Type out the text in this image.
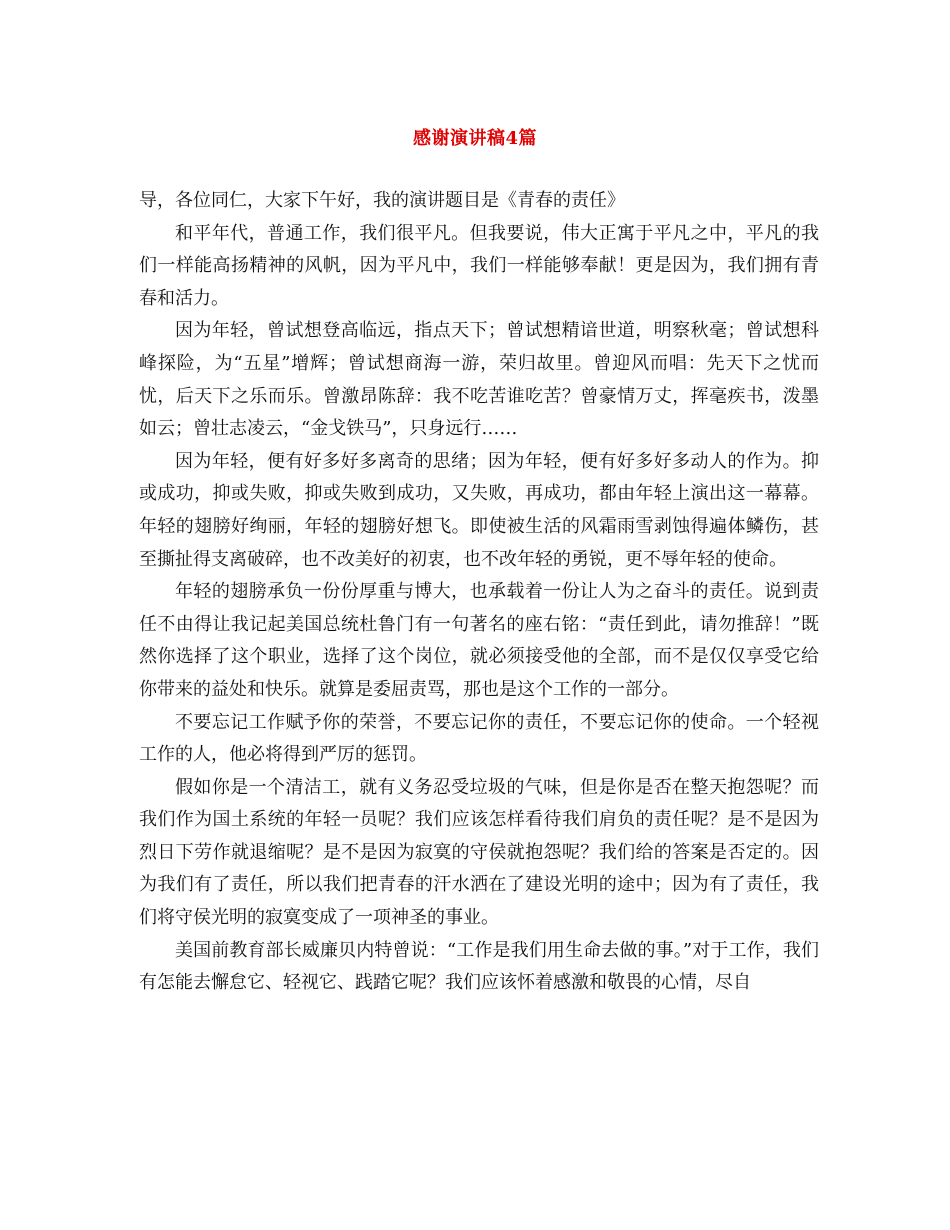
感谢演讲稿4篇

导，各位同仁，大家下午好，我的演讲题目是《青春的责任》

和平年代，普通工作，我们很平凡。但我要说，伟大正寓于平凡之中，平凡的我们一样能高扬精神的风帆，因为平凡中，我们一样能够奉献！更是因为，我们拥有青春和活力。

因为年轻，曾试想登高临远，指点天下；曾试想精谙世道，明察秋毫；曾试想科峰探险，为“五星”增辉；曾试想商海一游，荣归故里。曾迎风而唱：先天下之忧而忧，后天下之乐而乐。曾激昂陈辞：我不吃苦谁吃苦？曾豪情万丈，挥毫疾书，泼墨如云；曾壮志凌云，“金戈铁马”，只身远行……

因为年轻，便有好多好多离奇的思绪；因为年轻，便有好多好多动人的作为。抑或成功，抑或失败，抑或失败到成功，又失败，再成功，都由年轻上演出这一幕幕。年轻的翅膀好绚丽，年轻的翅膀好想飞。即使被生活的风霜雨雪剥蚀得遍体鳞伤，甚至撕扯得支离破碎，也不改美好的初衷，也不改年轻的勇锐，更不辱年轻的使命。

年轻的翅膀承负一份份厚重与博大，也承载着一份让人为之奋斗的责任。说到责任不由得让我记起美国总统杜鲁门有一句著名的座右铭：“责任到此，请勿推辞！”既然你选择了这个职业，选择了这个岗位，就必须接受他的全部，而不是仅仅享受它给你带来的益处和快乐。就算是委屈责骂，那也是这个工作的一部分。

不要忘记工作赋予你的荣誉，不要忘记你的责任，不要忘记你的使命。一个轻视工作的人，他必将得到严厉的惩罚。

假如你是一个清洁工，就有义务忍受垃圾的气味，但是你是否在整天抱怨呢？而我们作为国土系统的年轻一员呢？我们应该怎样看待我们肩负的责任呢？是不是因为烈日下劳作就退缩呢？是不是因为寂寞的守侯就抱怨呢？我们给的答案是否定的。因为我们有了责任，所以我们把青春的汗水洒在了建设光明的途中；因为有了责任，我们将守侯光明的寂寞变成了一项神圣的事业。

美国前教育部长威廉贝内特曾说：“工作是我们用生命去做的事。”对于工作，我们有怎能去懈怠它、轻视它、践踏它呢？我们应该怀着感激和敬畏的心情，尽自
